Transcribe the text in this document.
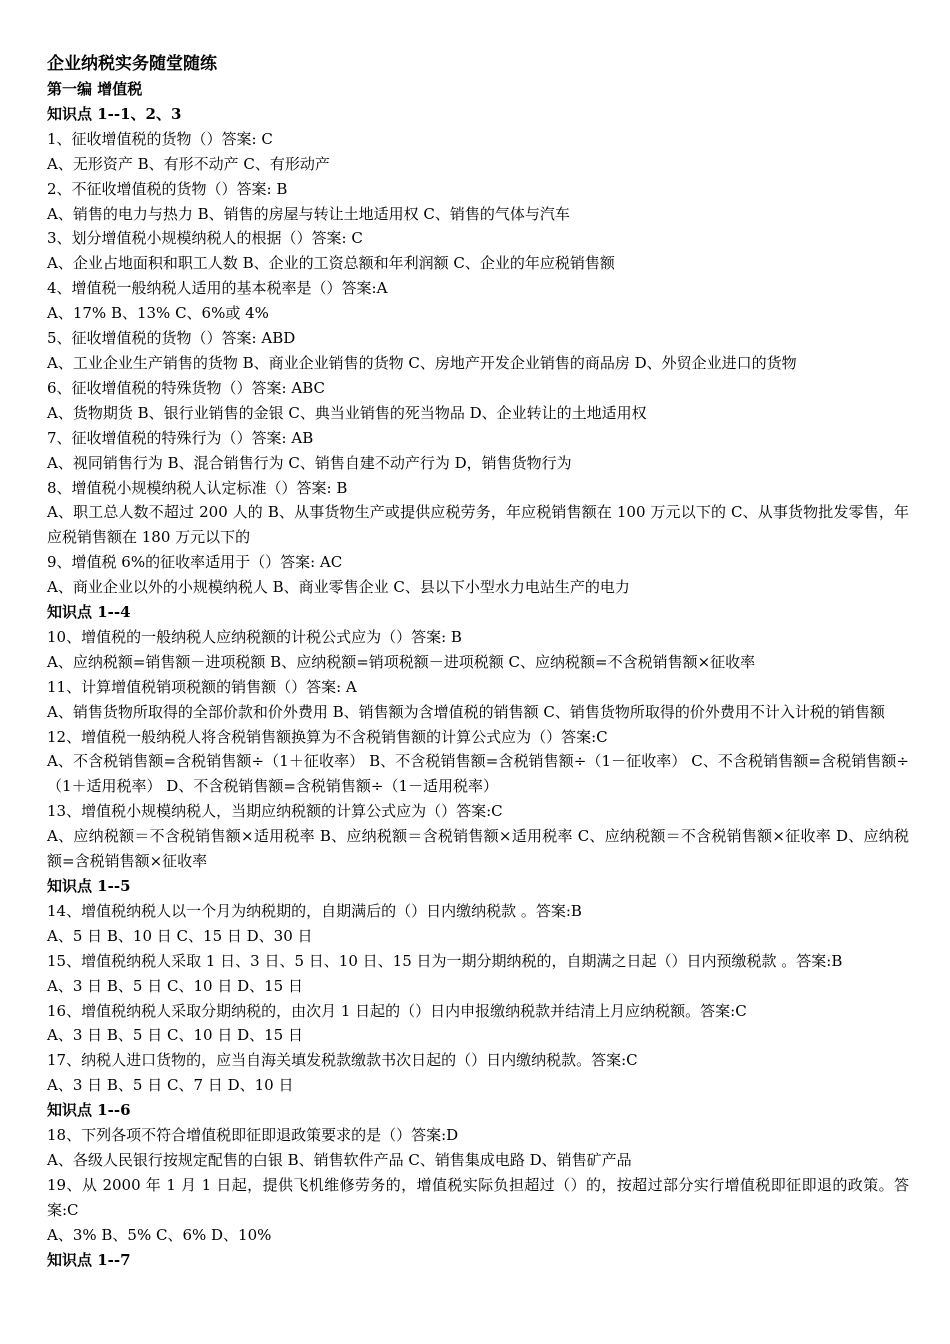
企业纳税实务随堂随练

第一编 增值税

知识点 1--1、2、3

1、征收增值税的货物（）答案: C

A、无形资产 B、有形不动产 C、有形动产

2、不征收增值税的货物（）答案: B

A、销售的电力与热力 B、销售的房屋与转让土地适用权 C、销售的气体与汽车

3、划分增值税小规模纳税人的根据（）答案: C

A、企业占地面积和职工人数 B、企业的工资总额和年利润额 C、企业的年应税销售额

4、增值税一般纳税人适用的基本税率是（）答案:A

A、17% B、13% C、6%或 4%

5、征收增值税的货物（）答案: ABD

A、工业企业生产销售的货物 B、商业企业销售的货物 C、房地产开发企业销售的商品房 D、外贸企业进口的货物

6、征收增值税的特殊货物（）答案: ABC

A、货物期货 B、银行业销售的金银 C、典当业销售的死当物品 D、企业转让的土地适用权

7、征收增值税的特殊行为（）答案: AB

A、视同销售行为 B、混合销售行为 C、销售自建不动产行为 D，销售货物行为

8、增值税小规模纳税人认定标准（）答案: B

A、职工总人数不超过 200 人的 B、从事货物生产或提供应税劳务，年应税销售额在 100 万元以下的 C、从事货物批发零售，年应税销售额在 180 万元以下的

9、增值税 6%的征收率适用于（）答案: AC

A、商业企业以外的小规模纳税人 B、商业零售企业 C、县以下小型水力电站生产的电力

知识点 1--4

10、增值税的一般纳税人应纳税额的计税公式应为（）答案: B

A、应纳税额=销售额－进项税额 B、应纳税额=销项税额－进项税额 C、应纳税额=不含税销售额×征收率

11、计算增值税销项税额的销售额（）答案: A

A、销售货物所取得的全部价款和价外费用 B、销售额为含增值税的销售额 C、销售货物所取得的价外费用不计入计税的销售额

12、增值税一般纳税人将含税销售额换算为不含税销售额的计算公式应为（）答案:C

A、不含税销售额=含税销售额÷（1＋征收率） B、不含税销售额=含税销售额÷（1－征收率） C、不含税销售额=含税销售额÷（1＋适用税率） D、不含税销售额=含税销售额÷（1－适用税率）

13、增值税小规模纳税人，当期应纳税额的计算公式应为（）答案:C

A、应纳税额＝不含税销售额×适用税率 B、应纳税额＝含税销售额×适用税率 C、应纳税额＝不含税销售额×征收率 D、应纳税额=含税销售额×征收率

知识点 1--5

14、增值税纳税人以一个月为纳税期的，自期满后的（）日内缴纳税款 。答案:B

A、5 日 B、10 日 C、15 日 D、30 日

15、增值税纳税人采取 1 日、3 日、5 日、10 日、15 日为一期分期纳税的，自期满之日起（）日内预缴税款 。答案:B

A、3 日 B、5 日 C、10 日 D、15 日

16、增值税纳税人采取分期纳税的，由次月 1 日起的（）日内申报缴纳税款并结清上月应纳税额。答案:C

A、3 日 B、5 日 C、10 日 D、15 日

17、纳税人进口货物的，应当自海关填发税款缴款书次日起的（）日内缴纳税款。答案:C

A、3 日 B、5 日 C、7 日 D、10 日

知识点 1--6

18、下列各项不符合增值税即征即退政策要求的是（）答案:D

A、各级人民银行按规定配售的白银 B、销售软件产品 C、销售集成电路 D、销售矿产品

19、从 2000 年 1 月 1 日起，提供飞机维修劳务的，增值税实际负担超过（）的，按超过部分实行增值税即征即退的政策。答案:C

A、3% B、5% C、6% D、10%

知识点 1--7
